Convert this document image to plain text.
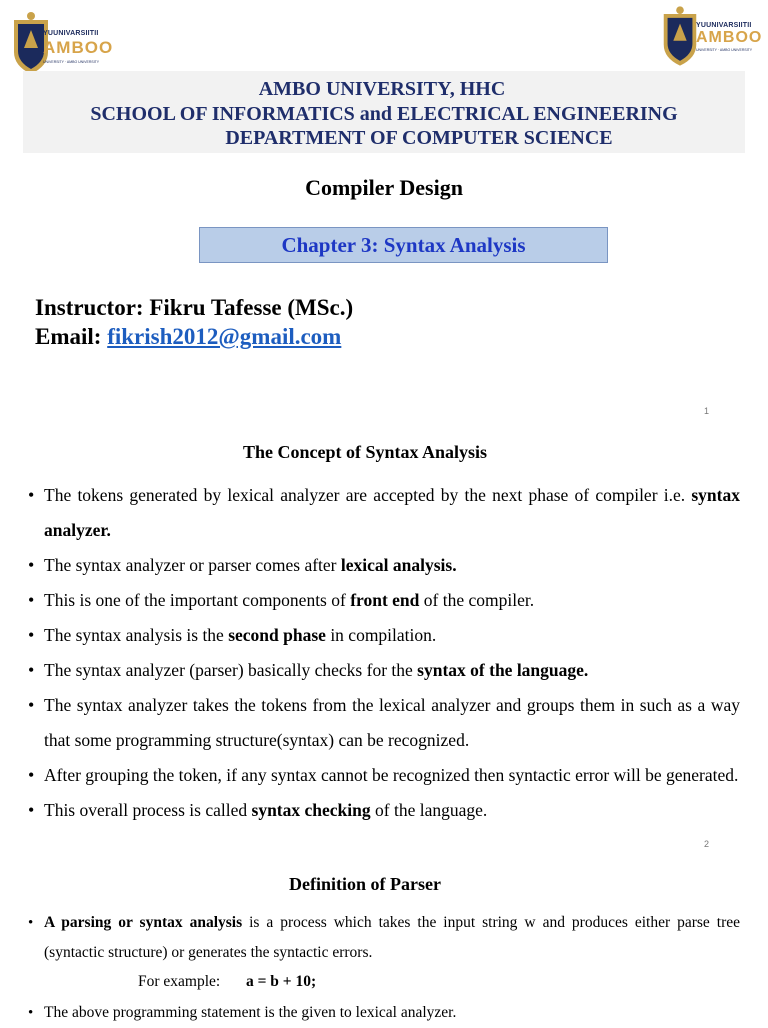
YUUNIVARSIITII
AMBOO
UNIVERSITY · AMBO UNIVERSITY
YUUNIVARSIITII
AMBOO
UNIVERSITY · AMBO UNIVERSITY
AMBO UNIVERSITY, HHC
SCHOOL OF INFORMATICS and ELECTRICAL ENGINEERING
DEPARTMENT OF COMPUTER SCIENCE
Compiler Design
Chapter 3: Syntax Analysis
Instructor: Fikru Tafesse (MSc.)
Email: fikrish2012@gmail.com
1
The Concept of Syntax Analysis
• The tokens generated by lexical analyzer are accepted by the next phase of compiler i.e. syntax analyzer.
• The syntax analyzer or parser comes after lexical analysis.
• This is one of the important components of front end of the compiler.
• The syntax analysis is the second phase in compilation.
• The syntax analyzer (parser) basically checks for the syntax of the language.
• The syntax analyzer takes the tokens from the lexical analyzer and groups them in such as a way that some programming structure(syntax) can be recognized.
• After grouping the token, if any syntax cannot be recognized then syntactic error will be generated.
• This overall process is called syntax checking of the language.
2
Definition of Parser
• A parsing or syntax analysis is a process which takes the input string w and produces either parse tree (syntactic structure) or generates the syntactic errors.
For example: a = b + 10;
• The above programming statement is the given to lexical analyzer.
